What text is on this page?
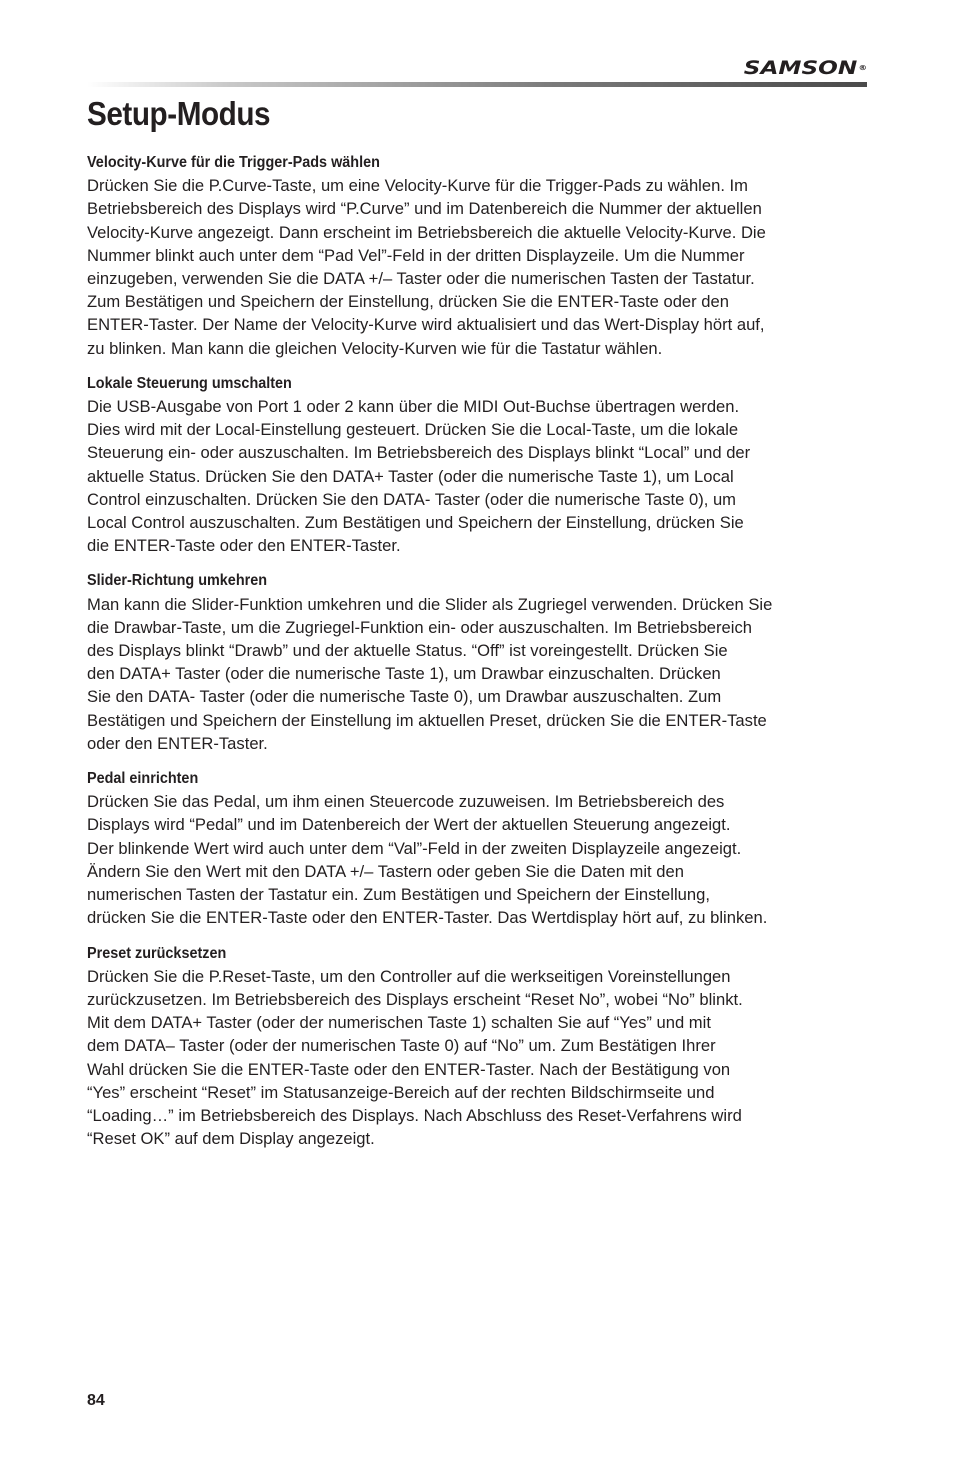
SAMSON®
Setup-Modus
Velocity-Kurve für die Trigger-Pads wählen

Drücken Sie die P.Curve-Taste, um eine Velocity-Kurve für die Trigger-Pads zu wählen. Im
Betriebsbereich des Displays wird “P.Curve” und im Datenbereich die Nummer der aktuellen
Velocity-Kurve angezeigt. Dann erscheint im Betriebsbereich die aktuelle Velocity-Kurve. Die
Nummer blinkt auch unter dem “Pad Vel”-Feld in der dritten Displayzeile. Um die Nummer
einzugeben, verwenden Sie die DATA +/– Taster oder die numerischen Tasten der Tastatur.
Zum Bestätigen und Speichern der Einstellung, drücken Sie die ENTER-Taste oder den
ENTER-Taster. Der Name der Velocity-Kurve wird aktualisiert und das Wert-Display hört auf,
zu blinken. Man kann die gleichen Velocity-Kurven wie für die Tastatur wählen.

Lokale Steuerung umschalten

Die USB-Ausgabe von Port 1 oder 2 kann über die MIDI Out-Buchse übertragen werden.
Dies wird mit der Local-Einstellung gesteuert. Drücken Sie die Local-Taste, um die lokale
Steuerung ein- oder auszuschalten. Im Betriebsbereich des Displays blinkt “Local” und der
aktuelle Status. Drücken Sie den DATA+ Taster (oder die numerische Taste 1), um Local
Control einzuschalten. Drücken Sie den DATA- Taster (oder die numerische Taste 0), um
Local Control auszuschalten. Zum Bestätigen und Speichern der Einstellung, drücken Sie
die ENTER-Taste oder den ENTER-Taster.

Slider-Richtung umkehren

Man kann die Slider-Funktion umkehren und die Slider als Zugriegel verwenden. Drücken Sie
die Drawbar-Taste, um die Zugriegel-Funktion ein- oder auszuschalten. Im Betriebsbereich
des Displays blinkt “Drawb” und der aktuelle Status. “Off” ist voreingestellt. Drücken Sie
den DATA+ Taster (oder die numerische Taste 1), um Drawbar einzuschalten. Drücken
Sie den DATA- Taster (oder die numerische Taste 0), um Drawbar auszuschalten. Zum
Bestätigen und Speichern der Einstellung im aktuellen Preset, drücken Sie die ENTER-Taste
oder den ENTER-Taster.

Pedal einrichten

Drücken Sie das Pedal, um ihm einen Steuercode zuzuweisen. Im Betriebsbereich des
Displays wird “Pedal” und im Datenbereich der Wert der aktuellen Steuerung angezeigt.
Der blinkende Wert wird auch unter dem “Val”-Feld in der zweiten Displayzeile angezeigt.
Ändern Sie den Wert mit den DATA +/– Tastern oder geben Sie die Daten mit den
numerischen Tasten der Tastatur ein. Zum Bestätigen und Speichern der Einstellung,
drücken Sie die ENTER-Taste oder den ENTER-Taster. Das Wertdisplay hört auf, zu blinken.

Preset zurücksetzen

Drücken Sie die P.Reset-Taste, um den Controller auf die werkseitigen Voreinstellungen
zurückzusetzen. Im Betriebsbereich des Displays erscheint “Reset No”, wobei “No” blinkt.
Mit dem DATA+ Taster (oder der numerischen Taste 1) schalten Sie auf “Yes” und mit
dem DATA– Taster (oder der numerischen Taste 0) auf “No” um. Zum Bestätigen Ihrer
Wahl drücken Sie die ENTER-Taste oder den ENTER-Taster. Nach der Bestätigung von
“Yes” erscheint “Reset” im Statusanzeige-Bereich auf der rechten Bildschirmseite und
“Loading…” im Betriebsbereich des Displays. Nach Abschluss des Reset-Verfahrens wird
“Reset OK” auf dem Display angezeigt.

84
